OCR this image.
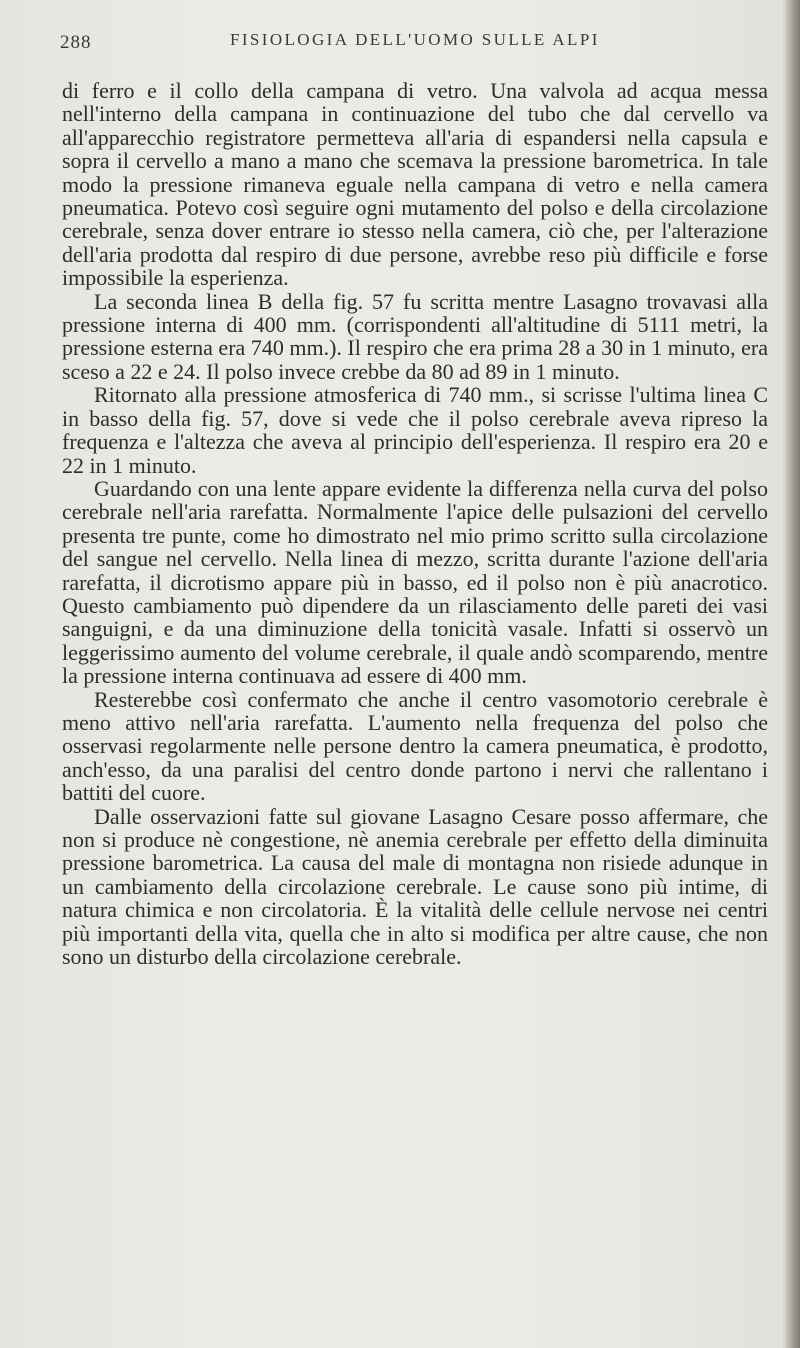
288	FISIOLOGIA DELL'UOMO SULLE ALPI

di ferro e il collo della campana di vetro. Una valvola ad acqua messa nell'interno della campana in continuazione del tubo che dal cervello va all'apparecchio registratore permetteva all'aria di espandersi nella capsula e sopra il cervello a mano a mano che scemava la pressione barometrica. In tale modo la pressione rimaneva eguale nella campana di vetro e nella camera pneumatica. Potevo così seguire ogni mutamento del polso e della circolazione cerebrale, senza dover entrare io stesso nella camera, ciò che, per l'alterazione dell'aria prodotta dal respiro di due persone, avrebbe reso più difficile e forse impossibile la esperienza.

La seconda linea B della fig. 57 fu scritta mentre Lasagno trovavasi alla pressione interna di 400 mm. (corrispondenti all'altitudine di 5111 metri, la pressione esterna era 740 mm.). Il respiro che era prima 28 a 30 in 1 minuto, era sceso a 22 e 24. Il polso invece crebbe da 80 ad 89 in 1 minuto.

Ritornato alla pressione atmosferica di 740 mm., si scrisse l'ultima linea C in basso della fig. 57, dove si vede che il polso cerebrale aveva ripreso la frequenza e l'altezza che aveva al principio dell'esperienza. Il respiro era 20 e 22 in 1 minuto.

Guardando con una lente appare evidente la differenza nella curva del polso cerebrale nell'aria rarefatta. Normalmente l'apice delle pulsazioni del cervello presenta tre punte, come ho dimostrato nel mio primo scritto sulla circolazione del sangue nel cervello. Nella linea di mezzo, scritta durante l'azione dell'aria rarefatta, il dicrotismo appare più in basso, ed il polso non è più anacrotico. Questo cambiamento può dipendere da un rilasciamento delle pareti dei vasi sanguigni, e da una diminuzione della tonicità vasale. Infatti si osservò un leggerissimo aumento del volume cerebrale, il quale andò scomparendo, mentre la pressione interna continuava ad essere di 400 mm.

Resterebbe così confermato che anche il centro vasomotorio cerebrale è meno attivo nell'aria rarefatta. L'aumento nella frequenza del polso che osservasi regolarmente nelle persone dentro la camera pneumatica, è prodotto, anch'esso, da una paralisi del centro donde partono i nervi che rallentano i battiti del cuore.

Dalle osservazioni fatte sul giovane Lasagno Cesare posso affermare, che non si produce nè congestione, nè anemia cerebrale per effetto della diminuita pressione barometrica. La causa del male di montagna non risiede adunque in un cambiamento della circolazione cerebrale. Le cause sono più intime, di natura chimica e non circolatoria. È la vitalità delle cellule nervose nei centri più importanti della vita, quella che in alto si modifica per altre cause, che non sono un disturbo della circolazione cerebrale.
